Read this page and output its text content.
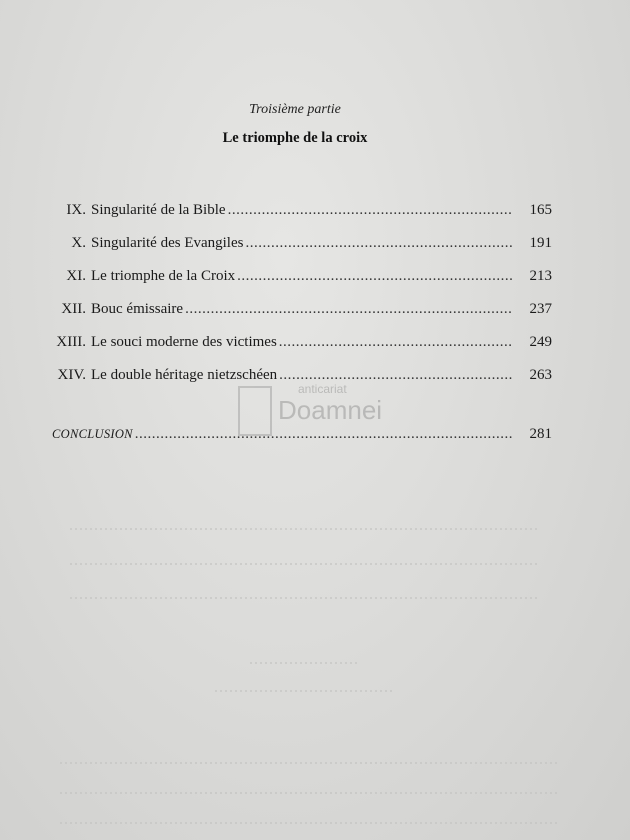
Troisième partie
Le triomphe de la croix
IX. Singularité de la Bible .....	165
X. Singularité des Evangiles .....	191
XI. Le triomphe de la Croix .....	213
XII. Bouc émissaire .....	237
XIII. Le souci moderne des victimes .....	249
XIV. Le double héritage nietzschéen .....	263
CONCLUSION .....	281
anticariat
Doamnei
